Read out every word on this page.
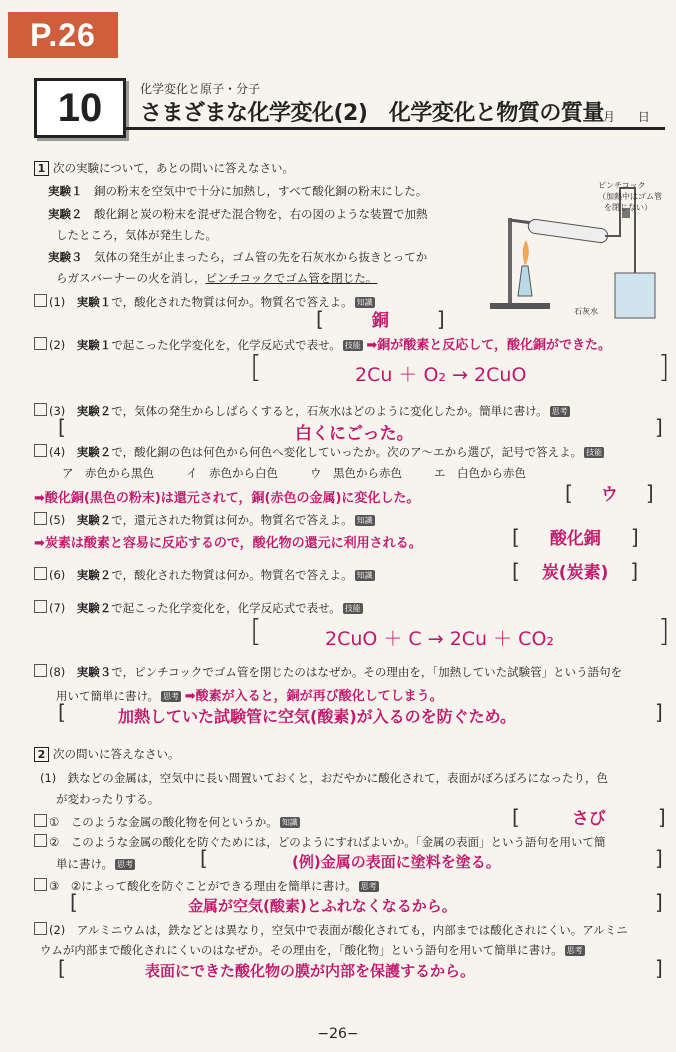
P.26
10	化学変化と原子・分子
さまざまな化学変化(2)　化学変化と物質の質量 月 日
1 次の実験について，あとの問いに答えなさい。
実験１　 銅の粉末を空気中で十分に加熱し，すべて酸化銅の粉末にした。
実験２　 酸化銅と炭の粉末を混ぜた混合物を，右の図のような装置で加熱
したところ，気体が発生した。
実験３　 気体の発生が止まったら，ゴム管の先を石灰水から抜きとってか
らガスバーナーの火を消し，ピンチコックでゴム管を閉じた。
ピンチコック
（加熱中はゴム管
を閉じない）
石灰水
(1)　 実験１で，酸化された物質は何か。物質名で答えよ。 知識
[	銅 ]
(2)　 実験１で起こった化学変化を，化学反応式で表せ。 技能 ➡銅が酸素と反応して，酸化銅ができた。
[	2Cu ＋ O₂ → 2CuO	]
(3)　 実験２で，気体の発生からしばらくすると，石灰水はどのように変化したか。簡単に書け。 思考
[	白くにごった。	]
(4)　 実験２で，酸化銅の色は何色から何色へ変化していったか。次のア～エから選び，記号で答えよ。 技能
ア　赤色から黒色	イ　赤色から白色	ウ　黒色から赤色	エ　白色から赤色
➡酸化銅(黒色の粉末)は還元されて，銅(赤色の金属)に変化した。	[ ウ ]
(5)　 実験２で，還元された物質は何か。物質名で答えよ。 知識
➡炭素は酸素と容易に反応するので，酸化物の還元に利用される。	[ 酸化銅 ]
(6)　 実験２で，酸化された物質は何か。物質名で答えよ。 知識	[ 炭(炭素) ]
(7)　 実験２で起こった化学変化を，化学反応式で表せ。 技能
[	2CuO ＋ C → 2Cu ＋ CO₂	]
(8)　 実験３で，ピンチコックでゴム管を閉じたのはなぜか。その理由を，「加熱していた試験管」という語句を
用いて簡単に書け。 思考 ➡酸素が入ると，銅が再び酸化してしまう。
[	加熱していた試験管に空気(酸素)が入るのを防ぐため。	]
2 次の問いに答えなさい。
(1)　鉄などの金属は，空気中に長い間置いておくと，おだやかに酸化されて，表面がぼろぼろになったり，色
が変わったりする。
①　 このような金属の酸化物を何というか。 知識	[	さび	]
②　 このような金属の酸化を防ぐためには，どのようにすればよいか。「金属の表面」という語句を用いて簡
単に書け。 思考	[	(例)金属の表面に塗料を塗る。	]
③　 ②によって酸化を防ぐことができる理由を簡単に書け。 思考
[	金属が空気(酸素)とふれなくなるから。	]
(2)　 アルミニウムは，鉄などとは異なり，空気中で表面が酸化されても，内部までは酸化されにくい。アルミニ
ウムが内部まで酸化されにくいのはなぜか。その理由を，「酸化物」という語句を用いて簡単に書け。 思考
[	表面にできた酸化物の膜が内部を保護するから。	]
−26−
